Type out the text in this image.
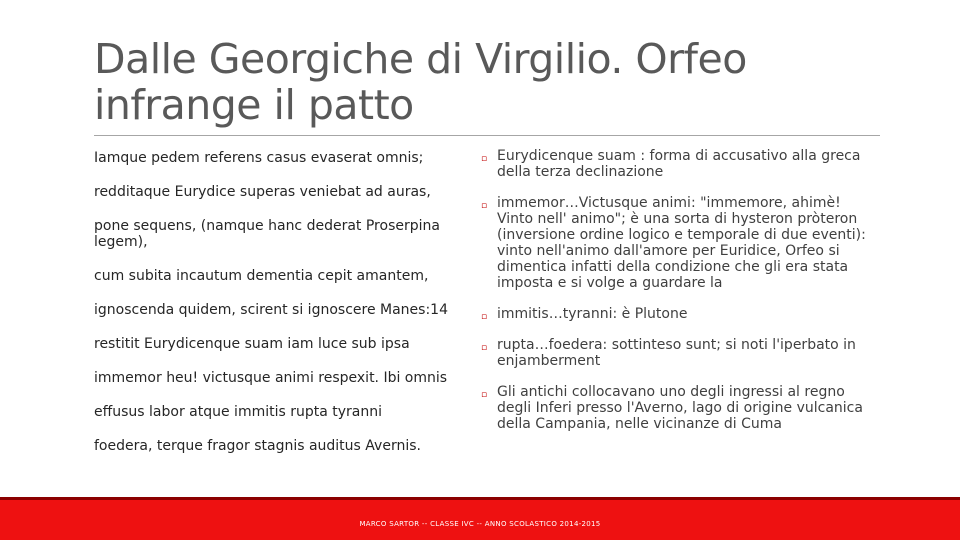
Dalle Georgiche di Virgilio. Orfeo infrange il patto

Iamque pedem referens casus evaserat omnis;

redditaque Eurydice superas veniebat ad auras,

pone sequens, (namque hanc dederat Proserpina legem),

cum subita incautum dementia cepit amantem,

ignoscenda quidem, scirent si ignoscere Manes:14

restitit Eurydicenque suam iam luce sub ipsa

immemor heu! victusque animi respexit. Ibi omnis

effusus labor atque immitis rupta tyranni

foedera, terque fragor stagnis auditus Avernis.

▫ Eurydicenque suam : forma di accusativo alla greca della terza declinazione
▫ immemor…Victusque animi: "immemore, ahimè! Vinto nell' animo"; è una sorta di hysteron pròteron (inversione ordine logico e temporale di due eventi): vinto nell'animo dall'amore per Euridice, Orfeo si dimentica infatti della condizione che gli era stata imposta e si volge a guardare la
▫ immitis…tyranni: è Plutone
▫ rupta…foedera: sottinteso sunt; si noti l'iperbato in enjamberment
▫ Gli antichi collocavano uno degli ingressi al regno degli Inferi presso l'Averno, lago di origine vulcanica della Campania, nelle vicinanze di Cuma
MARCO SARTOR -- CLASSE IVC -- ANNO SCOLASTICO 2014-2015
